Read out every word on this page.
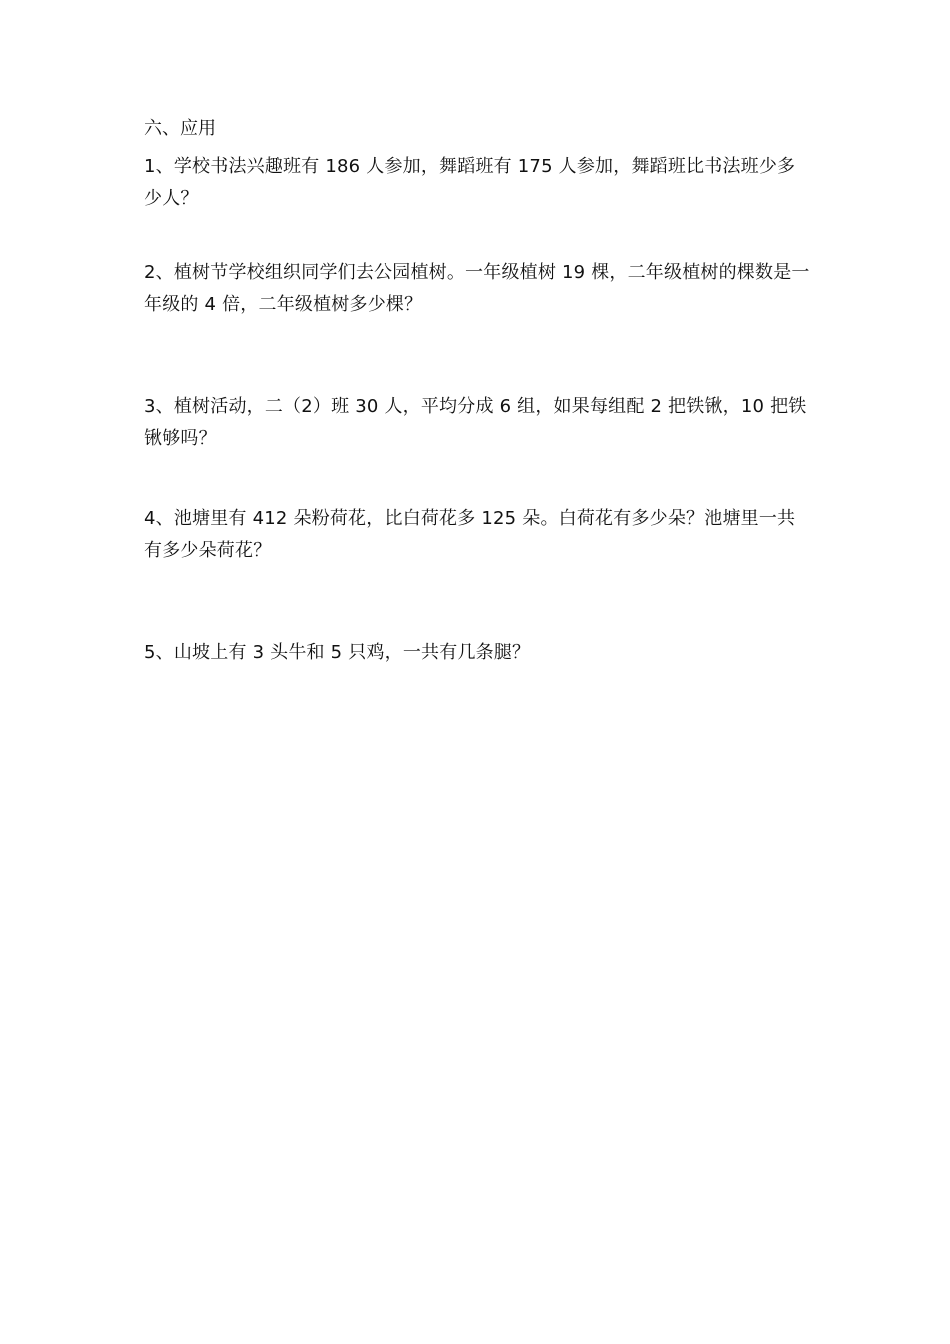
六、应用

1、学校书法兴趣班有 186 人参加，舞蹈班有 175 人参加，舞蹈班比书法班少多少人？

2、植树节学校组织同学们去公园植树。一年级植树 19 棵，二年级植树的棵数是一年级的 4 倍，二年级植树多少棵？

3、植树活动，二（2）班 30 人，平均分成 6 组，如果每组配 2 把铁锹，10 把铁锹够吗？

4、池塘里有 412 朵粉荷花，比白荷花多 125 朵。白荷花有多少朵？池塘里一共有多少朵荷花？

5、山坡上有 3 头牛和 5 只鸡，一共有几条腿？
